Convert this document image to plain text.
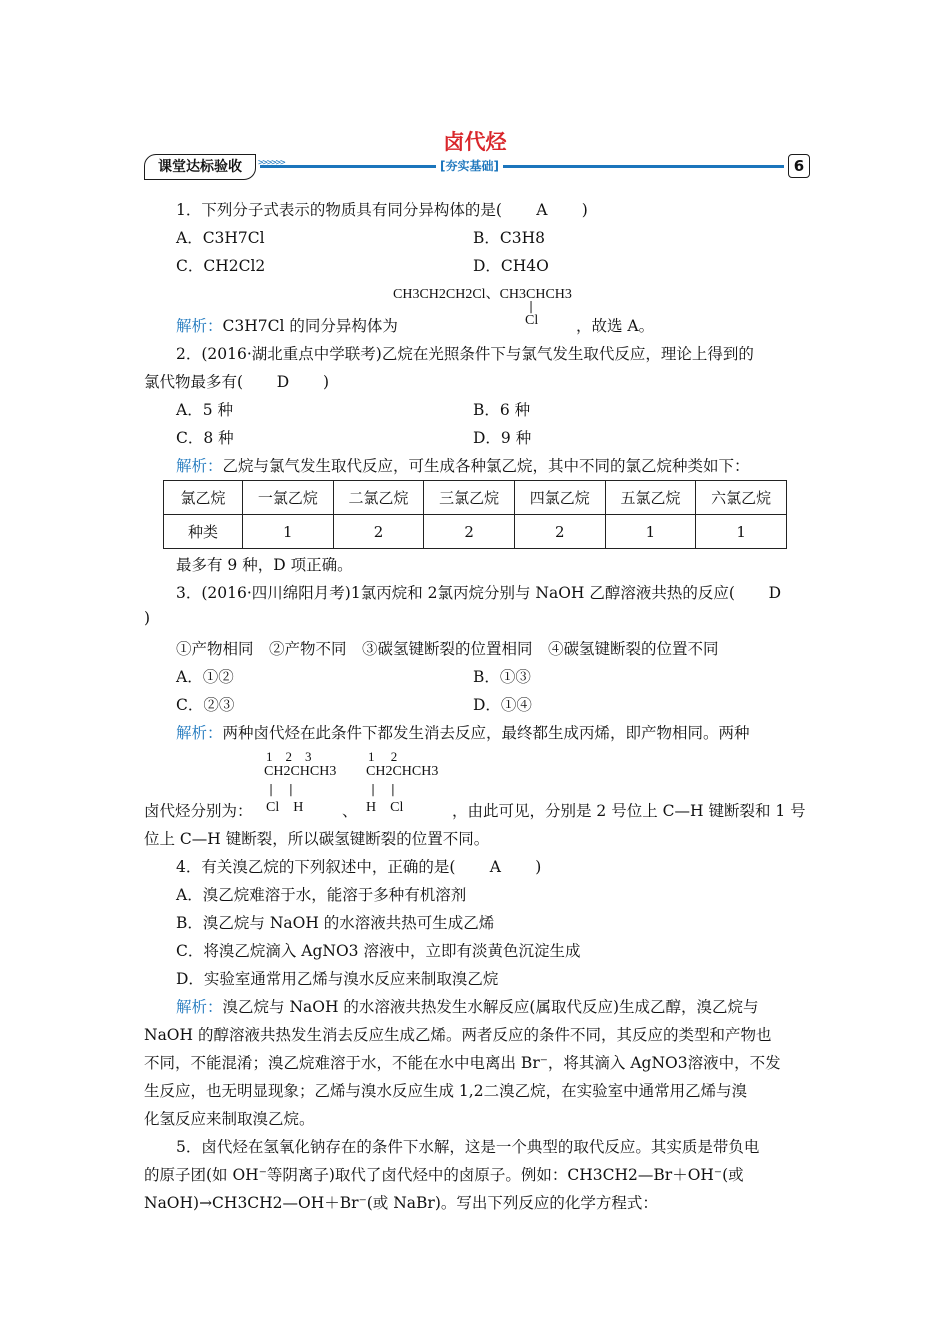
卤代烃
课堂达标验收	>>>>>>	[夯实基础]	6
1．下列分子式表示的物质具有同分异构体的是( A )
A．C3H7Cl	B．C3H8
C．CH2Cl2	D．CH4O
CH3CH2CH2Cl、CH3CHCH3
|
Cl
解析：C3H7Cl 的同分异构体为	，故选 A。
2．(2016·湖北重点中学联考)乙烷在光照条件下与氯气发生取代反应，理论上得到的
氯代物最多有( D )
A．5 种	B．6 种
C．8 种	D．9 种
解析：乙烷与氯气发生取代反应，可生成各种氯乙烷，其中不同的氯乙烷种类如下：
氯乙烷	一氯乙烷	二氯乙烷	三氯乙烷	四氯乙烷	五氯乙烷	六氯乙烷
种类	1	2	2	2	1	1
最多有 9 种，D 项正确。
3．(2016·四川绵阳月考)1氯丙烷和 2氯丙烷分别与 NaOH 乙醇溶液共热的反应( D
)
①产物相同　②产物不同　③碳氢键断裂的位置相同　④碳氢键断裂的位置不同
A．①②	B．①③
C．②③	D．①④
解析：两种卤代烃在此条件下都发生消去反应，最终都生成丙烯，即产物相同。两种
1　2　3
CH2CHCH3
|　 |
Cl　H
1　 2
CH2CHCH3
|　 |
H　Cl
卤代烃分别为：	、	，由此可见，分别是 2 号位上 C—H 键断裂和 1 号
位上 C—H 键断裂，所以碳氢键断裂的位置不同。
4．有关溴乙烷的下列叙述中，正确的是( A )
A．溴乙烷难溶于水，能溶于多种有机溶剂
B．溴乙烷与 NaOH 的水溶液共热可生成乙烯
C．将溴乙烷滴入 AgNO3 溶液中，立即有淡黄色沉淀生成
D．实验室通常用乙烯与溴水反应来制取溴乙烷
解析：溴乙烷与 NaOH 的水溶液共热发生水解反应(属取代反应)生成乙醇，溴乙烷与
NaOH 的醇溶液共热发生消去反应生成乙烯。两者反应的条件不同，其反应的类型和产物也
不同，不能混淆；溴乙烷难溶于水，不能在水中电离出 Br⁻，将其滴入 AgNO3溶液中，不发
生反应，也无明显现象；乙烯与溴水反应生成 1,2二溴乙烷，在实验室中通常用乙烯与溴
化氢反应来制取溴乙烷。
5．卤代烃在氢氧化钠存在的条件下水解，这是一个典型的取代反应。其实质是带负电
的原子团(如 OH⁻等阴离子)取代了卤代烃中的卤原子。例如：CH3CH2—Br＋OH⁻(或
NaOH)→CH3CH2—OH＋Br⁻(或 NaBr)。写出下列反应的化学方程式：
